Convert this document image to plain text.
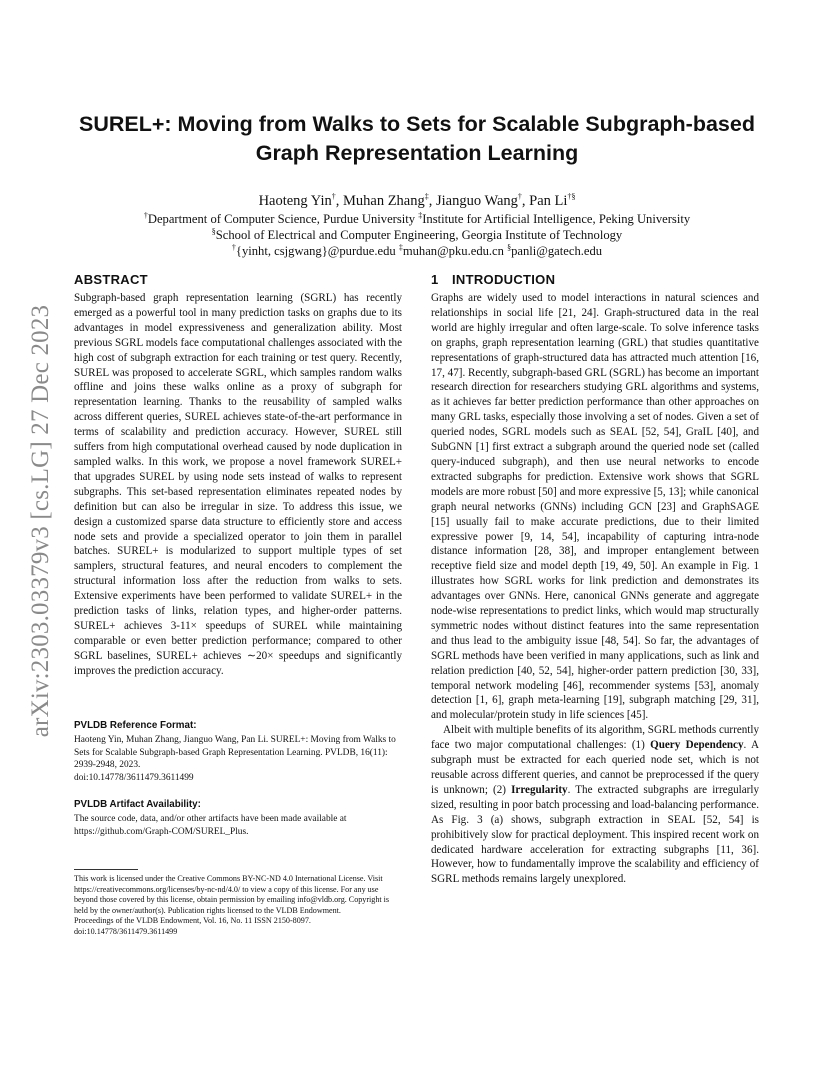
arXiv:2303.03379v3 [cs.LG] 27 Dec 2023
SUREL+: Moving from Walks to Sets for Scalable Subgraph-based Graph Representation Learning
Haoteng Yin†, Muhan Zhang‡, Jianguo Wang†, Pan Li†§
†Department of Computer Science, Purdue University ‡Institute for Artificial Intelligence, Peking University
§School of Electrical and Computer Engineering, Georgia Institute of Technology
†{yinht, csjgwang}@purdue.edu ‡muhan@pku.edu.cn §panli@gatech.edu
ABSTRACT

Subgraph-based graph representation learning (SGRL) has recently emerged as a powerful tool in many prediction tasks on graphs due to its advantages in model expressiveness and generalization ability. Most previous SGRL models face computational challenges associated with the high cost of subgraph extraction for each training or test query. Recently, SUREL was proposed to accelerate SGRL, which samples random walks offline and joins these walks online as a proxy of subgraph for representation learning. Thanks to the reusability of sampled walks across different queries, SUREL achieves state-of-the-art performance in terms of scalability and prediction accuracy. However, SUREL still suffers from high computational overhead caused by node duplication in sampled walks. In this work, we propose a novel framework SUREL+ that upgrades SUREL by using node sets instead of walks to represent subgraphs. This set-based representation eliminates repeated nodes by definition but can also be irregular in size. To address this issue, we design a customized sparse data structure to efficiently store and access node sets and provide a specialized operator to join them in parallel batches. SUREL+ is modularized to support multiple types of set samplers, structural features, and neural encoders to complement the structural information loss after the reduction from walks to sets. Extensive experiments have been performed to validate SUREL+ in the prediction tasks of links, relation types, and higher-order patterns. SUREL+ achieves 3-11× speedups of SUREL while maintaining comparable or even better prediction performance; compared to other SGRL baselines, SUREL+ achieves ∼20× speedups and significantly improves the prediction accuracy.

PVLDB Reference Format:

Haoteng Yin, Muhan Zhang, Jianguo Wang, Pan Li. SUREL+: Moving from Walks to Sets for Scalable Subgraph-based Graph Representation Learning. PVLDB, 16(11): 2939-2948, 2023.

doi:10.14778/3611479.3611499

PVLDB Artifact Availability:

The source code, data, and/or other artifacts have been made available at https://github.com/Graph-COM/SUREL_Plus.

This work is licensed under the Creative Commons BY-NC-ND 4.0 International License. Visit https://creativecommons.org/licenses/by-nc-nd/4.0/ to view a copy of this license. For any use beyond those covered by this license, obtain permission by emailing info@vldb.org. Copyright is held by the owner/author(s). Publication rights licensed to the VLDB Endowment.

Proceedings of the VLDB Endowment, Vol. 16, No. 11 ISSN 2150-8097.

doi:10.14778/3611479.3611499

1 INTRODUCTION

Graphs are widely used to model interactions in natural sciences and relationships in social life [21, 24]. Graph-structured data in the real world are highly irregular and often large-scale. To solve inference tasks on graphs, graph representation learning (GRL) that studies quantitative representations of graph-structured data has attracted much attention [16, 17, 47]. Recently, subgraph-based GRL (SGRL) has become an important research direction for researchers studying GRL algorithms and systems, as it achieves far better prediction performance than other approaches on many GRL tasks, especially those involving a set of nodes. Given a set of queried nodes, SGRL models such as SEAL [52, 54], GraIL [40], and SubGNN [1] first extract a subgraph around the queried node set (called query-induced subgraph), and then use neural networks to encode extracted subgraphs for prediction. Extensive work shows that SGRL models are more robust [50] and more expressive [5, 13]; while canonical graph neural networks (GNNs) including GCN [23] and GraphSAGE [15] usually fail to make accurate predictions, due to their limited expressive power [9, 14, 54], incapability of capturing intra-node distance information [28, 38], and improper entanglement between receptive field size and model depth [19, 49, 50]. An example in Fig. 1 illustrates how SGRL works for link prediction and demonstrates its advantages over GNNs. Here, canonical GNNs generate and aggregate node-wise representations to predict links, which would map structurally symmetric nodes without distinct features into the same representation and thus lead to the ambiguity issue [48, 54]. So far, the advantages of SGRL methods have been verified in many applications, such as link and relation prediction [40, 52, 54], higher-order pattern prediction [30, 33], temporal network modeling [46], recommender systems [53], anomaly detection [1, 6], graph meta-learning [19], subgraph matching [29, 31], and molecular/protein study in life sciences [45].

Albeit with multiple benefits of its algorithm, SGRL methods currently face two major computational challenges: (1) Query Dependency. A subgraph must be extracted for each queried node set, which is not reusable across different queries, and cannot be preprocessed if the query is unknown; (2) Irregularity. The extracted subgraphs are irregularly sized, resulting in poor batch processing and load-balancing performance. As Fig. 3 (a) shows, subgraph extraction in SEAL [52, 54] is prohibitively slow for practical deployment. This inspired recent work on dedicated hardware acceleration for extracting subgraphs [11, 36]. However, how to fundamentally improve the scalability and efficiency of SGRL methods remains largely unexplored.
